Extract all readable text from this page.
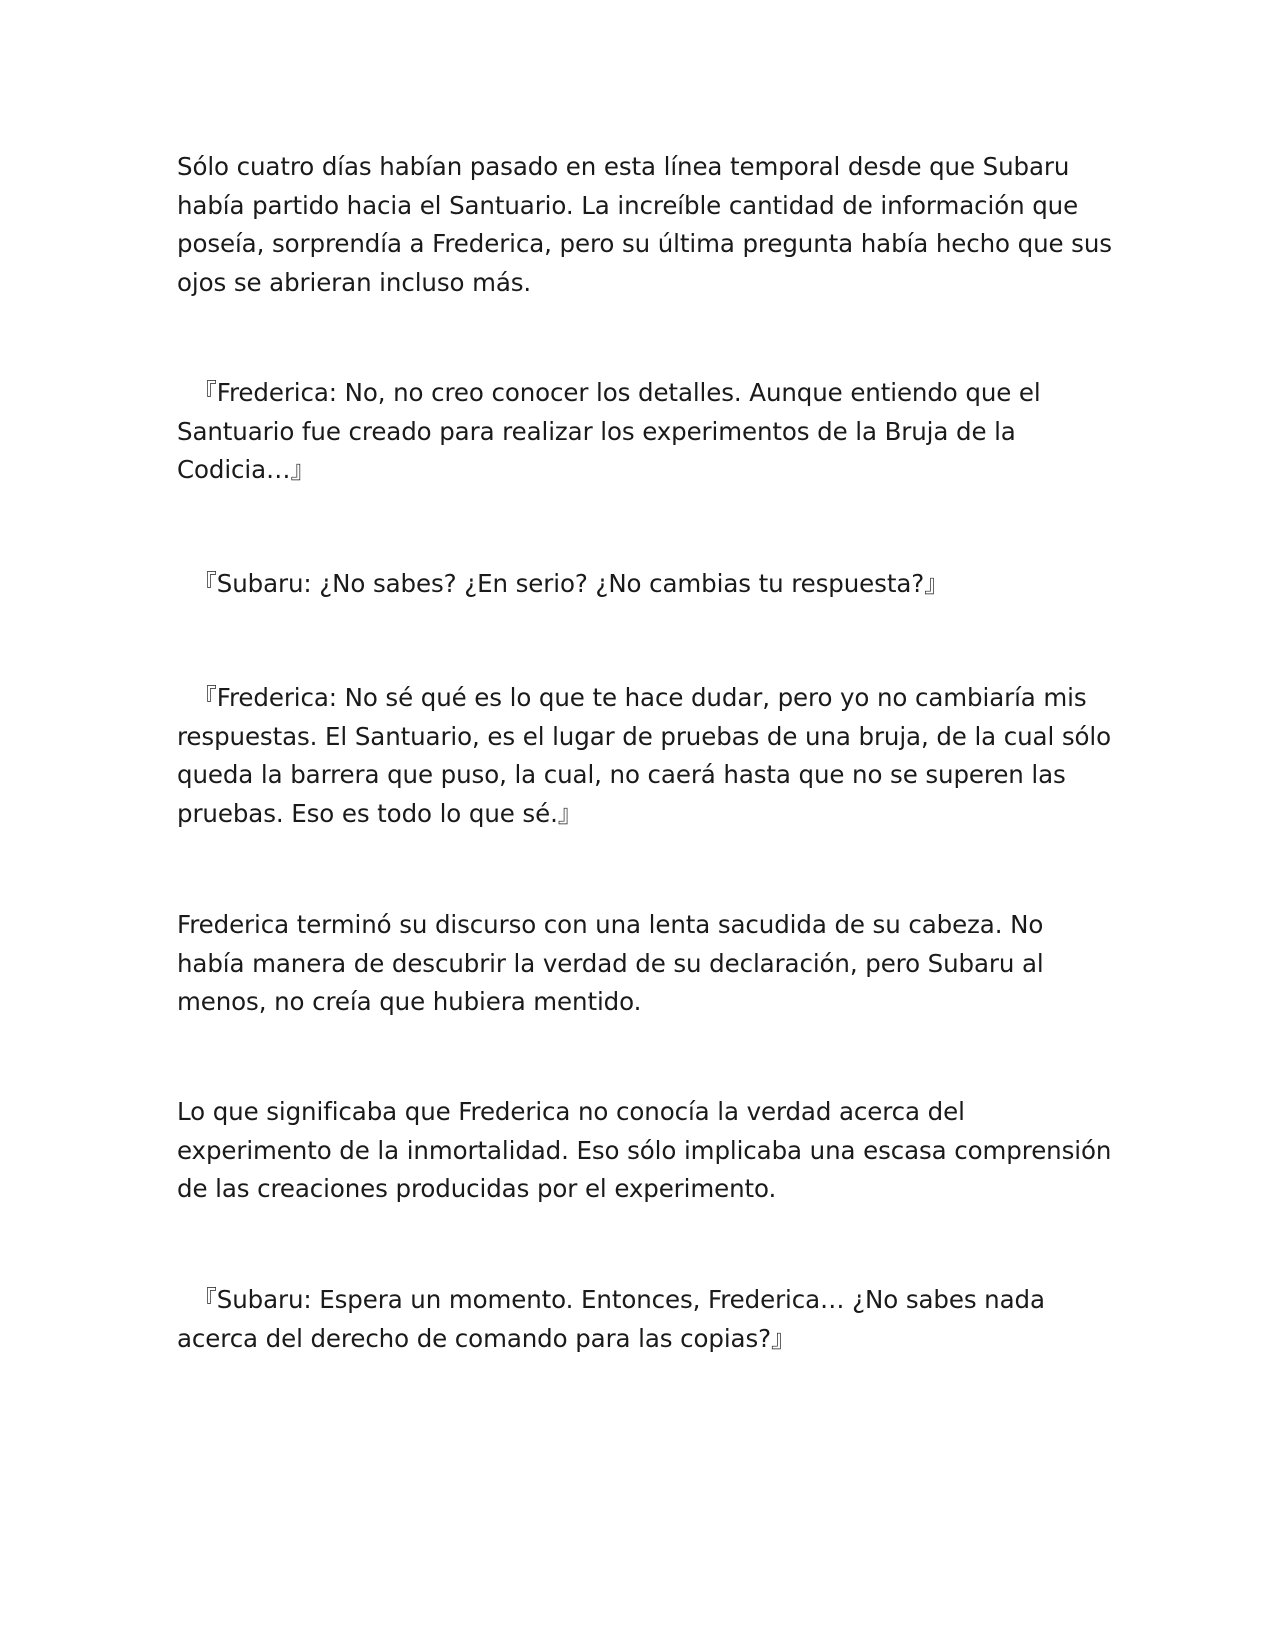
Sólo cuatro días habían pasado en esta línea temporal desde que Subaru había partido hacia el Santuario. La increíble cantidad de información que poseía, sorprendía a Frederica, pero su última pregunta había hecho que sus ojos se abrieran incluso más.

『Frederica: No, no creo conocer los detalles. Aunque entiendo que el Santuario fue creado para realizar los experimentos de la Bruja de la Codicia…』

『Subaru: ¿No sabes? ¿En serio? ¿No cambias tu respuesta?』

『Frederica: No sé qué es lo que te hace dudar, pero yo no cambiaría mis respuestas. El Santuario, es el lugar de pruebas de una bruja, de la cual sólo queda la barrera que puso, la cual, no caerá hasta que no se superen las pruebas. Eso es todo lo que sé.』

Frederica terminó su discurso con una lenta sacudida de su cabeza. No había manera de descubrir la verdad de su declaración, pero Subaru al menos, no creía que hubiera mentido.

Lo que significaba que Frederica no conocía la verdad acerca del experimento de la inmortalidad. Eso sólo implicaba una escasa comprensión de las creaciones producidas por el experimento.

『Subaru: Espera un momento. Entonces, Frederica… ¿No sabes nada acerca del derecho de comando para las copias?』
